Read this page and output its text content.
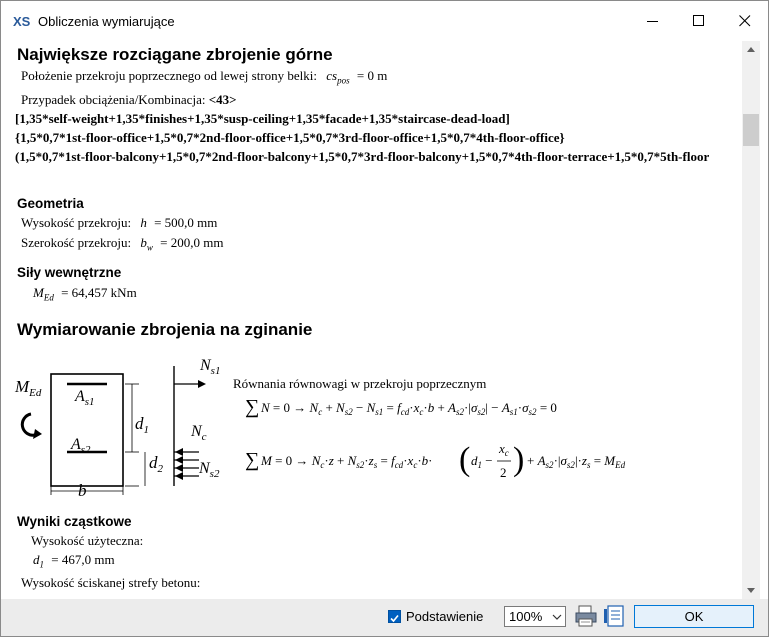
XS Obliczenia wymiarujące
Największe rozciągane zbrojenie górne
Położenie przekroju poprzecznego od lewej strony belki: $cs_{pos} = 0$ m
Przypadek obciążenia/Kombinacja: <43>
[1,35*self-weight+1,35*finishes+1,35*susp-ceiling+1,35*facade+1,35*staircase-dead-load]
{1,5*0,7*1st-floor-office+1,5*0,7*2nd-floor-office+1,5*0,7*3rd-floor-office+1,5*0,7*4th-floor-office}
(1,5*0,7*1st-floor-balcony+1,5*0,7*2nd-floor-balcony+1,5*0,7*3rd-floor-balcony+1,5*0,7*4th-floor-terrace+1,5*0,7*5th-floor
Geometria
Wysokość przekroju: h = 500,0 mm
Szerokość przekroju: $b_w = 200,0$ mm
Siły wewnętrzne
$M_{Ed} = 64,457$ kNm
Wymiarowanie zbrojenia na zginanie
$M_{Ed}$ $A_{s1}$
$A_{s2}$
$d_1$
$d_2$
b
$N_{s1}$
$N_c$
$N_{s2}$
Równania równowagi w przekroju poprzecznym
∑ $N = 0 \to N_c + N_{s2} - N_{s1} = f_{cd}\cdot x_c\cdot b + A_{s2}\cdot|\sigma_{s2}| - A_{s1}\cdot\sigma_{s2} = 0$
∑ $M = 0 \to N_c\cdot z + N_{s2}\cdot z_s = f_{cd}\cdot x_c\cdot b\cdot$ ( $d_1$ −
$x_c$
2 ) + $A_{s2}\cdot|\sigma_{s2}|\cdot z_s = M_{Ed}$
Wyniki cząstkowe
Wysokość użyteczna:
$d_1 = 467,0$ mm
Wysokość ściskanej strefy betonu:
Podstawienie 100%	OK
